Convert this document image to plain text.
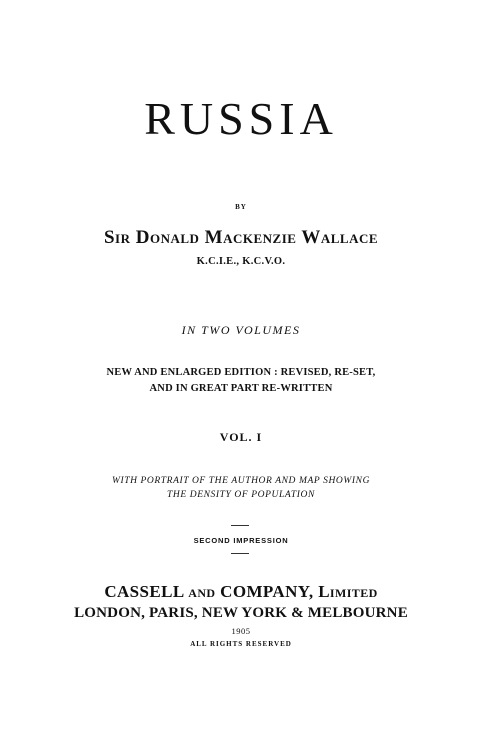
RUSSIA
BY
Sir Donald Mackenzie Wallace
K.C.I.E., K.C.V.O.
IN TWO VOLUMES
NEW AND ENLARGED EDITION : REVISED, RE-SET,
AND IN GREAT PART RE-WRITTEN
VOL. I
WITH PORTRAIT OF THE AUTHOR AND MAP SHOWING
THE DENSITY OF POPULATION
SECOND IMPRESSION
CASSELL and COMPANY, Limited
LONDON, PARIS, NEW YORK & MELBOURNE
1905
ALL RIGHTS RESERVED
